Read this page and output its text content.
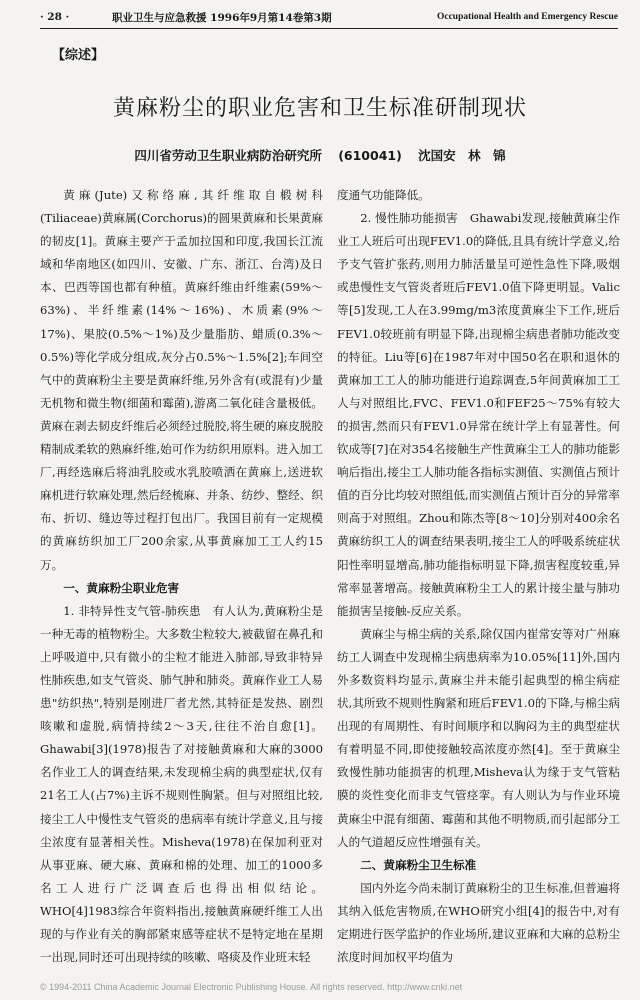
· 28 ·	职业卫生与应急救援 1996年9月第14卷第3期	Occupational Health and Emergency Rescue
【综述】
黄麻粉尘的职业危害和卫生标准研制现状
四川省劳动卫生职业病防治研究所 (610041) 沈国安　林　锦

黄麻(Jute)又称络麻,其纤维取自椴树科(Tiliaceae)黄麻属(Corchorus)的圆果黄麻和长果黄麻的韧皮[1]。黄麻主要产于孟加拉国和印度,我国长江流域和华南地区(如四川、安徽、广东、浙江、台湾)及日本、巴西等国也都有种植。黄麻纤维由纤维素(59%～63%)、半纤维素(14%～16%)、木质素(9%～17%)、果胶(0.5%～1%)及少量脂肪、蜡质(0.3%～0.5%)等化学成分组成,灰分占0.5%～1.5%[2];车间空气中的黄麻粉尘主要是黄麻纤维,另外含有(或混有)少量无机物和微生物(细菌和霉菌),游离二氧化硅含量极低。黄麻在剥去韧皮纤维后必须经过脱胶,将生硬的麻皮脱胶精制成柔软的熟麻纤维,始可作为纺织用原料。进入加工厂,再经选麻后将油乳胶或水乳胶喷洒在黄麻上,送进软麻机进行软麻处理,然后经梳麻、并条、纺纱、整经、织布、折切、缝边等过程打包出厂。我国目前有一定规模的黄麻纺织加工厂200余家,从事黄麻加工工人约15万。

一、黄麻粉尘职业危害

1. 非特异性支气管-肺疾患　有人认为,黄麻粉尘是一种无毒的植物粉尘。大多数尘粒较大,被截留在鼻孔和上呼吸道中,只有微小的尘粒才能进入肺部,导致非特异性肺疾患,如支气管炎、肺气肿和肺炎。黄麻作业工人易患"纺织热",特别是刚进厂者尤然,其特征是发热、剧烈咳嗽和虚脱,病情持续2～3天,往往不治自愈[1]。Ghawabi[3](1978)报告了对接触黄麻和大麻的3000名作业工人的调查结果,未发现棉尘病的典型症状,仅有21名工人(占7%)主诉不规则性胸紧。但与对照组比较,接尘工人中慢性支气管炎的患病率有统计学意义,且与接尘浓度有显著相关性。Misheva(1978)在保加利亚对从事亚麻、硬大麻、黄麻和棉的处理、加工的1000多名工人进行广泛调查后也得出相似结论。WHO[4]1983综合年资料指出,接触黄麻硬纤维工人出现的与作业有关的胸部紧束感等症状不是特定地在星期一出现,同时还可出现持续的咳嗽、咯痰及作业班末轻

度通气功能降低。

2. 慢性肺功能损害　Ghawabi发现,接触黄麻尘作业工人班后可出现FEV1.0的降低,且具有统计学意义,给予支气管扩张药,则用力肺活量呈可逆性急性下降,吸烟或患慢性支气管炎者班后FEV1.0值下降更明显。Valic等[5]发现,工人在3.99mg/m3浓度黄麻尘下工作,班后FEV1.0较班前有明显下降,出现棉尘病患者肺功能改变的特征。Liu等[6]在1987年对中国50名在职和退休的黄麻加工工人的肺功能进行追踪调查,5年间黄麻加工工人与对照组比,FVC、FEV1.0和FEF25～75%有较大的损害,然而只有FEV1.0异常在统计学上有显著性。何钦成等[7]在对354名接触生产性黄麻尘工人的肺功能影响后指出,接尘工人肺功能各指标实测值、实测值占预计值的百分比均较对照组低,而实测值占预计百分的异常率则高于对照组。Zhou和陈杰等[8～10]分别对400余名黄麻纺织工人的调查结果表明,接尘工人的呼吸系统症状阳性率明显增高,肺功能指标明显下降,损害程度较重,异常率显著增高。接触黄麻粉尘工人的累计接尘量与肺功能损害呈接触-反应关系。

黄麻尘与棉尘病的关系,除仅国内崔常安等对广州麻纺工人调查中发现棉尘病患病率为10.05%[11]外,国内外多数资料均显示,黄麻尘并未能引起典型的棉尘病症状,其所致不规则性胸紧和班后FEV1.0的下降,与棉尘病出现的有周期性、有时间顺序和以胸闷为主的典型症状有着明显不同,即使接触较高浓度亦然[4]。至于黄麻尘致慢性肺功能损害的机理,Misheva认为缘于支气管粘膜的炎性变化而非支气管痉挛。有人则认为与作业环境黄麻尘中混有细菌、霉菌和其他不明物质,而引起部分工人的气道超反应性增强有关。

二、黄麻粉尘卫生标准

国内外迄今尚未制订黄麻粉尘的卫生标准,但普遍将其纳入低危害物质,在WHO研究小组[4]的报告中,对有定期进行医学监护的作业场所,建议亚麻和大麻的总粉尘浓度时间加权平均值为

© 1994-2011 China Academic Journal Electronic Publishing House. All rights reserved. http://www.cnki.net
